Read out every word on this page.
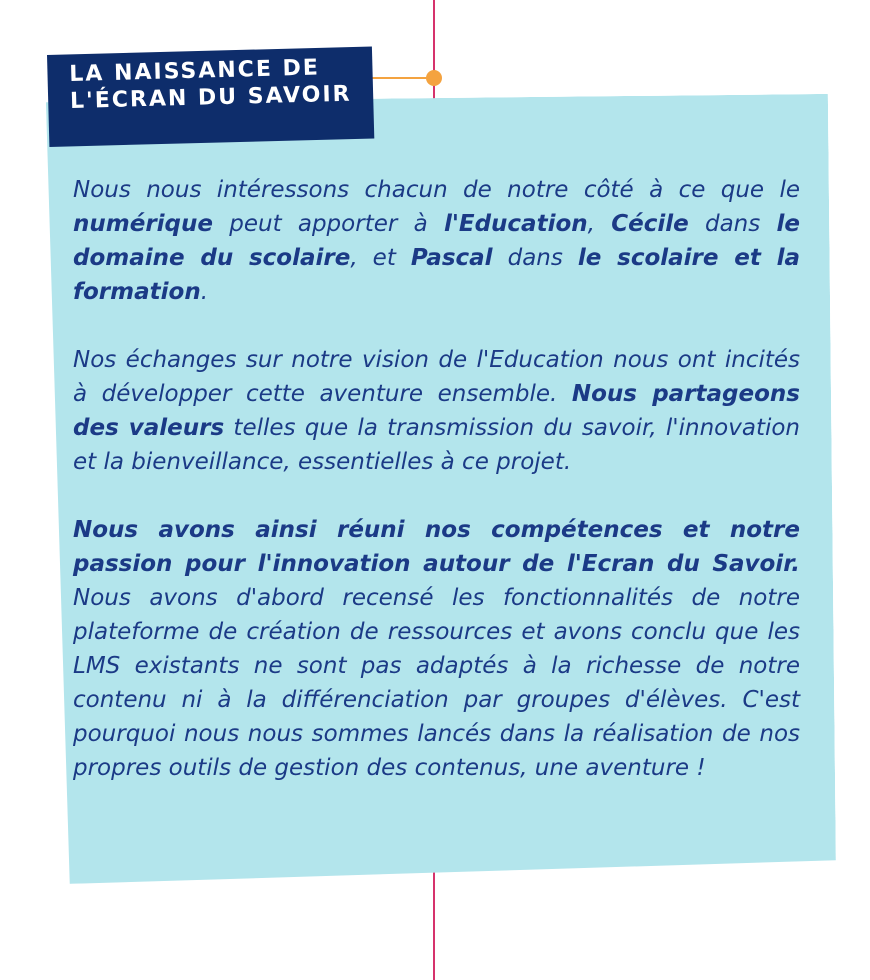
LA NAISSANCE DE L'ÉCRAN DU SAVOIR

Nous nous intéressons chacun de notre côté à ce que le numérique peut apporter à l'Education, Cécile dans le domaine du scolaire, et Pascal dans le scolaire et la formation.

Nos échanges sur notre vision de l'Education nous ont incités à développer cette aventure ensemble. Nous partageons des valeurs telles que la transmission du savoir, l'innovation et la bienveillance, essentielles à ce projet.

Nous avons ainsi réuni nos compétences et notre passion pour l'innovation autour de l'Ecran du Savoir. Nous avons d'abord recensé les fonctionnalités de notre plateforme de création de ressources et avons conclu que les LMS existants ne sont pas adaptés à la richesse de notre contenu ni à la différenciation par groupes d'élèves. C'est pourquoi nous nous sommes lancés dans la réalisation de nos propres outils de gestion des contenus, une aventure !
